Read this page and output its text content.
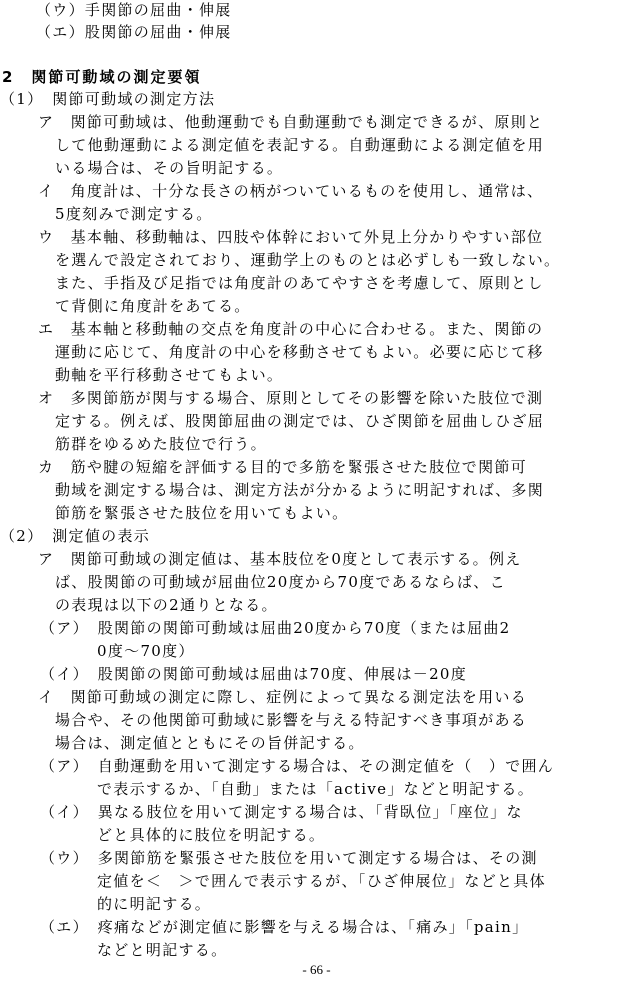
（ウ）手関節の屈曲・伸展
（エ）股関節の屈曲・伸展
2　関節可動域の測定要領
（1）　関節可動域の測定方法
ア　関節可動域は、他動運動でも自動運動でも測定できるが、原則と
して他動運動による測定値を表記する。自動運動による測定値を用
いる場合は、その旨明記する。
イ　角度計は、十分な長さの柄がついているものを使用し、通常は、
5度刻みで測定する。
ウ　基本軸、移動軸は、四肢や体幹において外見上分かりやすい部位
を選んで設定されており、運動学上のものとは必ずしも一致しない。
また、手指及び足指では角度計のあてやすさを考慮して、原則とし
て背側に角度計をあてる。
エ　基本軸と移動軸の交点を角度計の中心に合わせる。また、関節の
運動に応じて、角度計の中心を移動させてもよい。必要に応じて移
動軸を平行移動させてもよい。
オ　多関節筋が関与する場合、原則としてその影響を除いた肢位で測
定する。例えば、股関節屈曲の測定では、ひざ関節を屈曲しひざ屈
筋群をゆるめた肢位で行う。
カ　筋や腱の短縮を評価する目的で多筋を緊張させた肢位で関節可
動域を測定する場合は、測定方法が分かるように明記すれば、多関
節筋を緊張させた肢位を用いてもよい。
（2）　測定値の表示
ア　関節可動域の測定値は、基本肢位を0度として表示する。例え
ば、股関節の可動域が屈曲位20度から70度であるならば、こ
の表現は以下の2通りとなる。
（ア）　股関節の関節可動域は屈曲20度から70度（または屈曲2
0度～70度）
（イ）　股関節の関節可動域は屈曲は70度、伸展は－20度
イ　関節可動域の測定に際し、症例によって異なる測定法を用いる
場合や、その他関節可動域に影響を与える特記すべき事項がある
場合は、測定値とともにその旨併記する。
（ア）　自動運動を用いて測定する場合は、その測定値を（　）で囲ん
で表示するか、「自動」または「active」などと明記する。
（イ）　異なる肢位を用いて測定する場合は、「背臥位」「座位」な
どと具体的に肢位を明記する。
（ウ）　多関節筋を緊張させた肢位を用いて測定する場合は、その測
定値を＜　＞で囲んで表示するが、「ひざ伸展位」などと具体
的に明記する。
（エ）　疼痛などが測定値に影響を与える場合は、「痛み」「pain」
などと明記する。
- 66 -
